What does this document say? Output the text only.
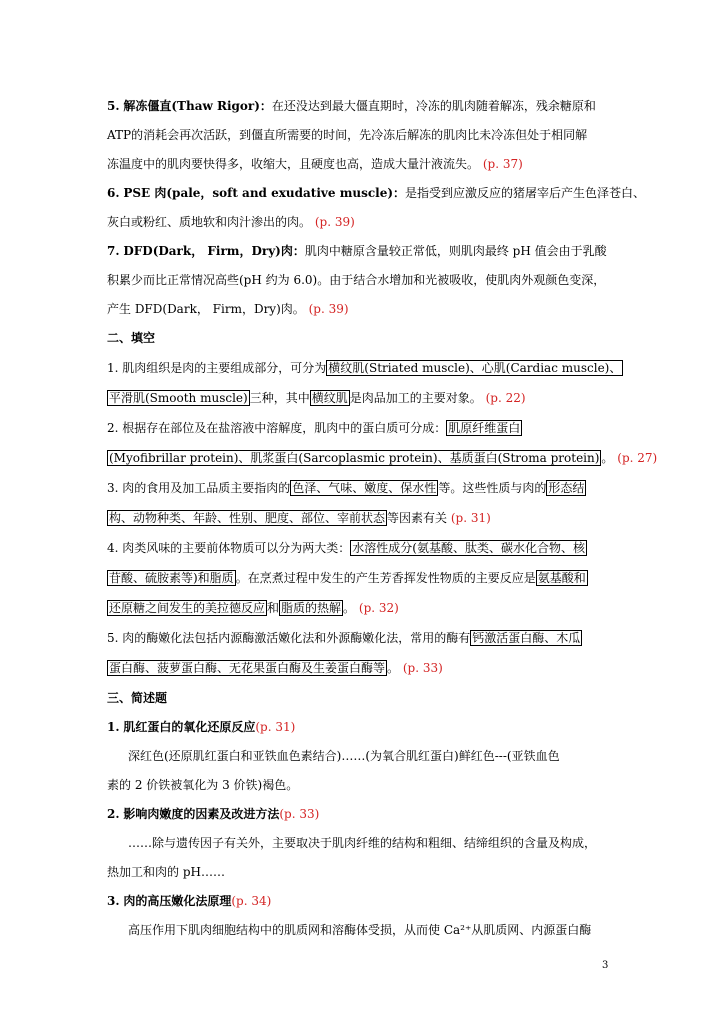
5. 解冻僵直(Thaw Rigor)：在还没达到最大僵直期时，冷冻的肌肉随着解冻，残余糖原和
ATP的消耗会再次活跃，到僵直所需要的时间，先冷冻后解冻的肌肉比未冷冻但处于相同解
冻温度中的肌肉要快得多，收缩大，且硬度也高，造成大量汁液流失。 (p. 37)
6. PSE 肉(pale，soft and exudative muscle)：是指受到应激反应的猪屠宰后产生色泽苍白、
灰白或粉红、质地软和肉汁渗出的肉。 (p. 39)
7. DFD(Dark， Firm，Dry)肉：肌肉中糖原含量较正常低，则肌肉最终 pH 值会由于乳酸
积累少而比正常情况高些(pH 约为 6.0)。由于结合水增加和光被吸收，使肌肉外观颜色变深，
产生 DFD(Dark， Firm，Dry)肉。 (p. 39)
二、填空
1. 肌肉组织是肉的主要组成部分，可分为 横纹肌(Striated muscle)、心肌(Cardiac muscle)、
平滑肌(Smooth muscle) 三种，其中 横纹肌 是肉品加工的主要对象。 (p. 22)
2. 根据存在部位及在盐溶液中溶解度，肌肉中的蛋白质可分成： 肌原纤维蛋白
(Myofibrillar protein)、肌浆蛋白(Sarcoplasmic protein)、基质蛋白(Stroma protein) 。 (p. 27)
3. 肉的食用及加工品质主要指肉的 色泽、气味、嫩度、保水性 等。这些性质与肉的 形态结
构、动物种类、年龄、性别、肥度、部位、宰前状态 等因素有关 (p. 31)
4. 肉类风味的主要前体物质可以分为两大类： 水溶性成分(氨基酸、肽类、碳水化合物、核
苷酸、硫胺素等)和脂质 。在烹煮过程中发生的产生芳香挥发性物质的主要反应是 氨基酸和
还原糖之间发生的美拉德反应 和 脂质的热解 。 (p. 32)
5. 肉的酶嫩化法包括内源酶激活嫩化法和外源酶嫩化法，常用的酶有 钙激活蛋白酶、木瓜
蛋白酶、菠萝蛋白酶、无花果蛋白酶及生姜蛋白酶等 。 (p. 33)
三、简述题
1. 肌红蛋白的氧化还原反应(p. 31)
深红色(还原肌红蛋白和亚铁血色素结合)……(为氧合肌红蛋白)鲜红色---(亚铁血色
素的 2 价铁被氧化为 3 价铁)褐色。
2. 影响肉嫩度的因素及改进方法(p. 33)
……除与遗传因子有关外，主要取决于肌肉纤维的结构和粗细、结缔组织的含量及构成，
热加工和肉的 pH……
3. 肉的高压嫩化法原理(p. 34)
高压作用下肌肉细胞结构中的肌质网和溶酶体受损，从而使 Ca²⁺从肌质网、内源蛋白酶
3
